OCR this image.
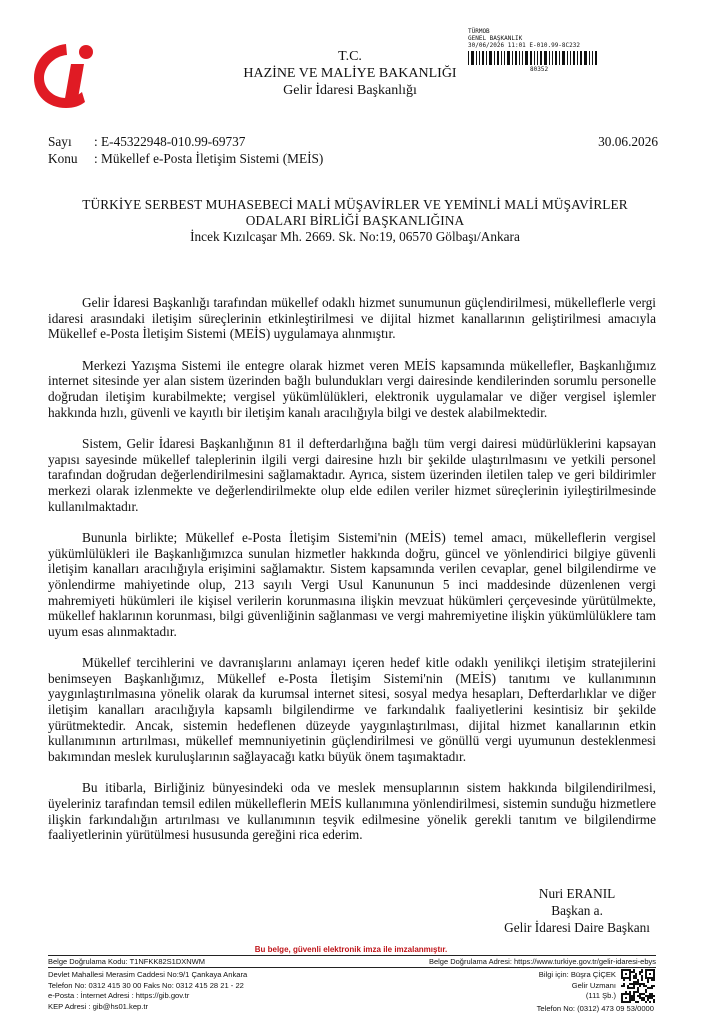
T.C.
HAZİNE VE MALİYE BAKANLIĞI
Gelir İdaresi Başkanlığı
TÜRMOB
GENEL BAŞKANLIK
30/06/2026 11:01 E-010.99-8C232
80352
Sayı	: E-45322948-010.99-69737
Konu	: Mükellef e-Posta İletişim Sistemi (MEİS)
30.06.2026
TÜRKİYE SERBEST MUHASEBECİ MALİ MÜŞAVİRLER VE YEMİNLİ MALİ MÜŞAVİRLER
ODALARI BİRLİĞİ BAŞKANLIĞINA
İncek Kızılcaşar Mh. 2669. Sk. No:19, 06570 Gölbaşı/Ankara

Gelir İdaresi Başkanlığı tarafından mükellef odaklı hizmet sunumunun güçlendirilmesi, mükelleflerle vergi idaresi arasındaki iletişim süreçlerinin etkinleştirilmesi ve dijital hizmet kanallarının geliştirilmesi amacıyla Mükellef e-Posta İletişim Sistemi (MEİS) uygulamaya alınmıştır.

Merkezi Yazışma Sistemi ile entegre olarak hizmet veren MEİS kapsamında mükellefler, Başkanlığımız internet sitesinde yer alan sistem üzerinden bağlı bulundukları vergi dairesinde kendilerinden sorumlu personelle doğrudan iletişim kurabilmekte; vergisel yükümlülükleri, elektronik uygulamalar ve diğer vergisel işlemler hakkında hızlı, güvenli ve kayıtlı bir iletişim kanalı aracılığıyla bilgi ve destek alabilmektedir.

Sistem, Gelir İdaresi Başkanlığının 81 il defterdarlığına bağlı tüm vergi dairesi müdürlüklerini kapsayan yapısı sayesinde mükellef taleplerinin ilgili vergi dairesine hızlı bir şekilde ulaştırılmasını ve yetkili personel tarafından doğrudan değerlendirilmesini sağlamaktadır. Ayrıca, sistem üzerinden iletilen talep ve geri bildirimler merkezi olarak izlenmekte ve değerlendirilmekte olup elde edilen veriler hizmet süreçlerinin iyileştirilmesinde kullanılmaktadır.

Bununla birlikte; Mükellef e-Posta İletişim Sistemi'nin (MEİS) temel amacı, mükelleflerin vergisel yükümlülükleri ile Başkanlığımızca sunulan hizmetler hakkında doğru, güncel ve yönlendirici bilgiye güvenli iletişim kanalları aracılığıyla erişimini sağlamaktır. Sistem kapsamında verilen cevaplar, genel bilgilendirme ve yönlendirme mahiyetinde olup, 213 sayılı Vergi Usul Kanununun 5 inci maddesinde düzenlenen vergi mahremiyeti hükümleri ile kişisel verilerin korunmasına ilişkin mevzuat hükümleri çerçevesinde yürütülmekte, mükellef haklarının korunması, bilgi güvenliğinin sağlanması ve vergi mahremiyetine ilişkin yükümlülüklere tam uyum esas alınmaktadır.

Mükellef tercihlerini ve davranışlarını anlamayı içeren hedef kitle odaklı yenilikçi iletişim stratejilerini benimseyen Başkanlığımız, Mükellef e-Posta İletişim Sistemi'nin (MEİS) tanıtımı ve kullanımının yaygınlaştırılmasına yönelik olarak da kurumsal internet sitesi, sosyal medya hesapları, Defterdarlıklar ve diğer iletişim kanalları aracılığıyla kapsamlı bilgilendirme ve farkındalık faaliyetlerini kesintisiz bir şekilde yürütmektedir. Ancak, sistemin hedeflenen düzeyde yaygınlaştırılması, dijital hizmet kanallarının etkin kullanımının artırılması, mükellef memnuniyetinin güçlendirilmesi ve gönüllü vergi uyumunun desteklenmesi bakımından meslek kuruluşlarının sağlayacağı katkı büyük önem taşımaktadır.

Bu itibarla, Birliğiniz bünyesindeki oda ve meslek mensuplarının sistem hakkında bilgilendirilmesi, üyeleriniz tarafından temsil edilen mükelleflerin MEİS kullanımına yönlendirilmesi, sistemin sunduğu hizmetlere ilişkin farkındalığın artırılması ve kullanımının teşvik edilmesine yönelik gerekli tanıtım ve bilgilendirme faaliyetlerinin yürütülmesi hususunda gereğini rica ederim.

Nuri ERANIL
Başkan a.
Gelir İdaresi Daire Başkanı
Bu belge, güvenli elektronik imza ile imzalanmıştır.
Belge Doğrulama Kodu: T1NFKK82S1DXNWM	Belge Doğrulama Adresi: https://www.turkiye.gov.tr/gelir-idaresi-ebys
Devlet Mahallesi Merasim Caddesi No:9/1 Çankaya Ankara
Telefon No: 0312 415 30 00 Faks No: 0312 415 28 21 - 22
e-Posta : İnternet Adresi : https://gib.gov.tr
KEP Adresi : gib@hs01.kep.tr
Bilgi için: Büşra ÇİÇEK
Gelir Uzmanı
(111 Şb.)
Telefon No: (0312) 473 09 53/0000
